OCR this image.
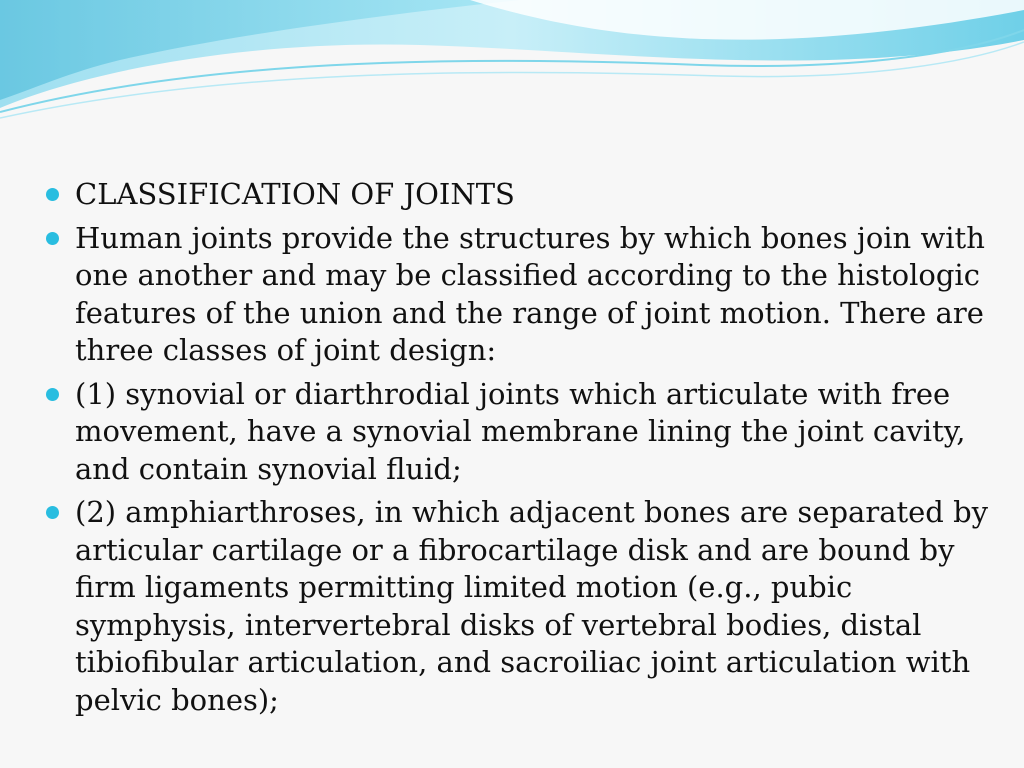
CLASSIFICATION OF JOINTS
Human joints provide the structures by which bones join with one another and may be classified according to the histologic features of the union and the range of joint motion. There are three classes of joint design:
(1) synovial or diarthrodial joints which articulate with free movement, have a synovial membrane lining the joint cavity, and contain synovial fluid;
(2) amphiarthroses, in which adjacent bones are separated by articular cartilage or a fibrocartilage disk and are bound by firm ligaments permitting limited motion (e.g., pubic symphysis, intervertebral disks of vertebral bodies, distal tibiofibular articulation, and sacroiliac joint articulation with pelvic bones);
